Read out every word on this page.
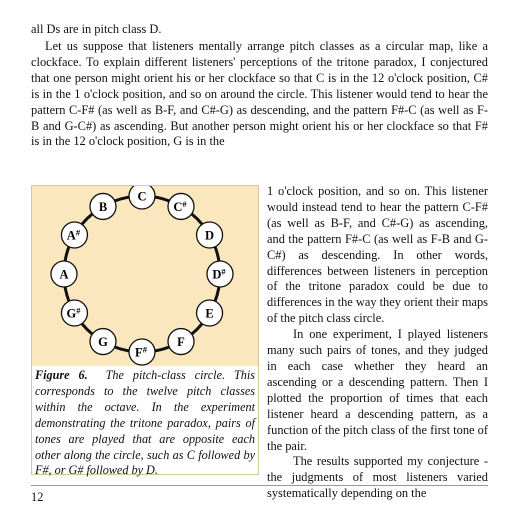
all Ds are in pitch class D.
Let us suppose that listeners mentally arrange pitch classes as a circular map, like a clockface. To explain different listeners' perceptions of the tritone paradox, I conjectured that one person might orient his or her clockface so that C is in the 12 o'clock position, C# is in the 1 o'clock position, and so on around the circle. This listener would tend to hear the pattern C-F# (as well as B-F, and C#-G) as descending, and the pattern F#-C (as well as F-B and G-C#) as ascending. But another person might orient his or her clockface so that F# is in the 12 o'clock position, G is in the
C
C#
D
D#
E
F
F#
G
G#
A
A#
B
Figure 6. The pitch-class circle. This corresponds to the twelve pitch classes within the octave. In the experiment demonstrating the tritone paradox, pairs of tones are played that are opposite each other along the circle, such as C followed by F#, or G# followed by D.

1 o'clock position, and so on. This listener would instead tend to hear the pattern C-F# (as well as B-F, and C#-G) as ascending, and the pattern F#-C (as well as F-B and G-C#) as descending. In other words, differences between listeners in perception of the tritone paradox could be due to differences in the way they orient their maps of the pitch class circle.

In one experiment, I played listeners many such pairs of tones, and they judged in each case whether they heard an ascending or a descending pattern. Then I plotted the proportion of times that each listener heard a descending pattern, as a function of the pitch class of the first tone of the pair.

The results supported my conjecture - the judgments of most listeners varied systematically depending on the

12
